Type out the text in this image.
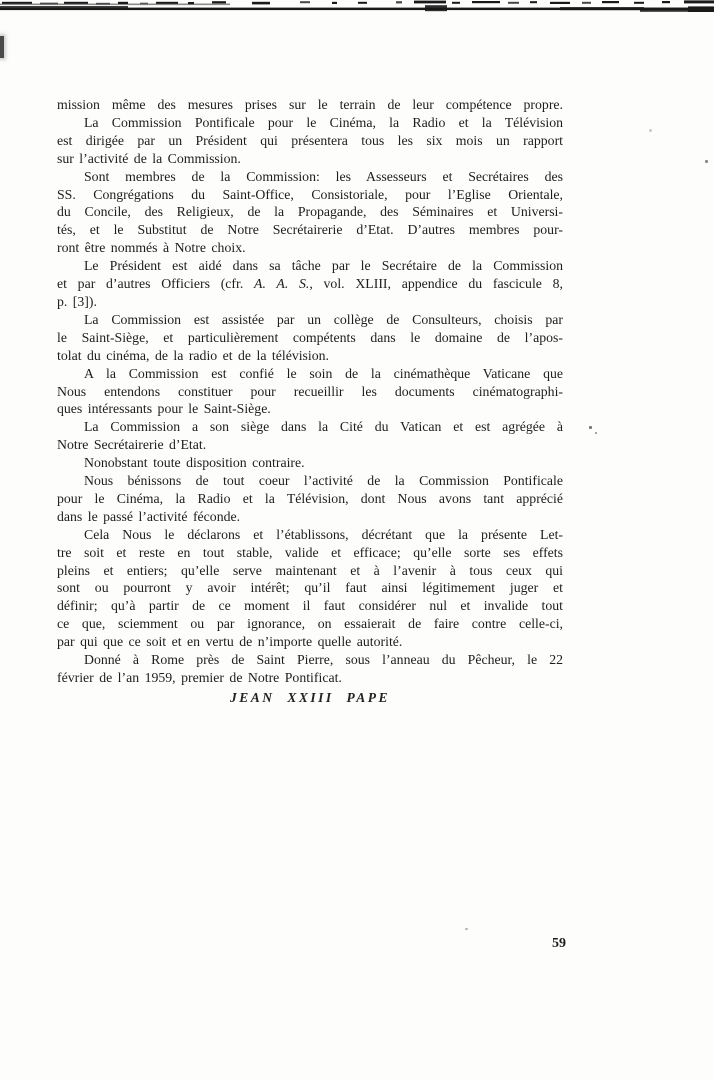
mission même des mesures prises sur le terrain de leur compétence propre.
La Commission Pontificale pour le Cinéma, la Radio et la Télévision
est dirigée par un Président qui présentera tous les six mois un rapport
sur l’activité de la Commission.
Sont membres de la Commission: les Assesseurs et Secrétaires des
SS. Congrégations du Saint-Office, Consistoriale, pour l’Eglise Orientale,
du Concile, des Religieux, de la Propagande, des Séminaires et Universi-
tés, et le Substitut de Notre Secrétairerie d’Etat. D’autres membres pour-
ront être nommés à Notre choix.
Le Président est aidé dans sa tâche par le Secrétaire de la Commission
et par d’autres Officiers (cfr. A. A. S., vol. XLIII, appendice du fascicule 8,
p. [3]).
La Commission est assistée par un collège de Consulteurs, choisis par
le Saint-Siège, et particulièrement compétents dans le domaine de l’apos-
tolat du cinéma, de la radio et de la télévision.
A la Commission est confié le soin de la cinémathèque Vaticane que
Nous entendons constituer pour recueillir les documents cinématographi-
ques intéressants pour le Saint-Siège.
La Commission a son siège dans la Cité du Vatican et est agrégée à
Notre Secrétairerie d’Etat.
Nonobstant toute disposition contraire.
Nous bénissons de tout coeur l’activité de la Commission Pontificale
pour le Cinéma, la Radio et la Télévision, dont Nous avons tant apprécié
dans le passé l’activité féconde.
Cela Nous le déclarons et l’établissons, décrétant que la présente Let-
tre soit et reste en tout stable, valide et efficace; qu’elle sorte ses effets
pleins et entiers; qu’elle serve maintenant et à l’avenir à tous ceux qui
sont ou pourront y avoir intérêt; qu’il faut ainsi légitimement juger et
définir; qu’à partir de ce moment il faut considérer nul et invalide tout
ce que, sciemment ou par ignorance, on essaierait de faire contre celle-ci,
par qui que ce soit et en vertu de n’importe quelle autorité.
Donné à Rome près de Saint Pierre, sous l’anneau du Pêcheur, le 22
février de l’an 1959, premier de Notre Pontificat.
JEAN XXIII PAPE
59
